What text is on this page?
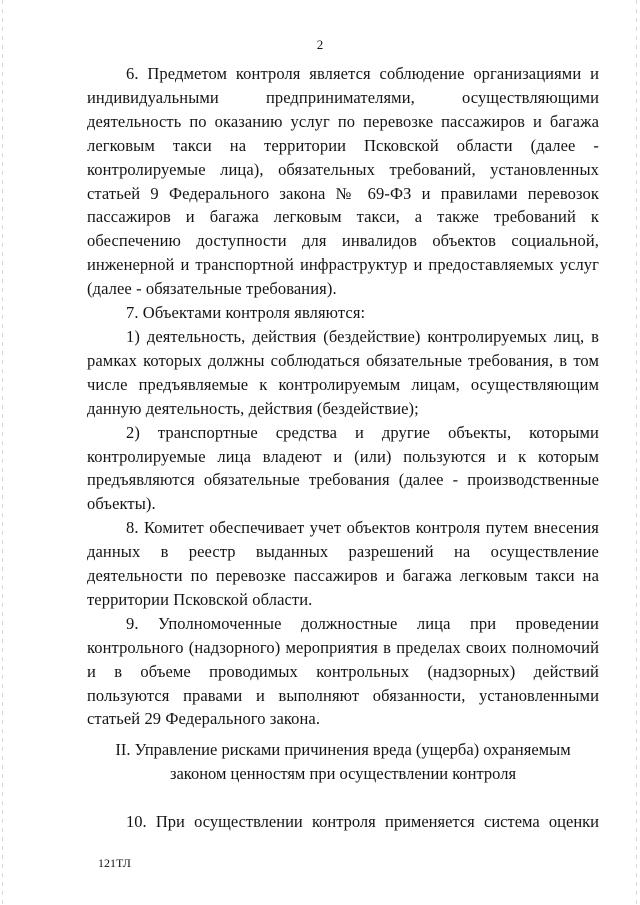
2

6. Предметом контроля является соблюдение организациями и индивидуальными предпринимателями, осуществляющими деятельность по оказанию услуг по перевозке пассажиров и багажа легковым такси на территории Псковской области (далее - контролируемые лица), обязательных требований, установленных статьей 9 Федерального закона № 69-ФЗ и правилами перевозок пассажиров и багажа легковым такси, а также требований к обеспечению доступности для инвалидов объектов социальной, инженерной и транспортной инфраструктур и предоставляемых услуг (далее - обязательные требования).

7. Объектами контроля являются:

1) деятельность, действия (бездействие) контролируемых лиц, в рамках которых должны соблюдаться обязательные требования, в том числе предъявляемые к контролируемым лицам, осуществляющим данную деятельность, действия (бездействие);

2) транспортные средства и другие объекты, которыми контролируемые лица владеют и (или) пользуются и к которым предъявляются обязательные требования (далее - производственные объекты).

8. Комитет обеспечивает учет объектов контроля путем внесения данных в реестр выданных разрешений на осуществление деятельности по перевозке пассажиров и багажа легковым такси на территории Псковской области.

9. Уполномоченные должностные лица при проведении контрольного (надзорного) мероприятия в пределах своих полномочий и в объеме проводимых контрольных (надзорных) действий пользуются правами и выполняют обязанности, установленными статьей 29 Федерального закона.

II. Управление рисками причинения вреда (ущерба) охраняемым
законом ценностям при осуществлении контроля

10. При осуществлении контроля применяется система оценки

121ТЛ
